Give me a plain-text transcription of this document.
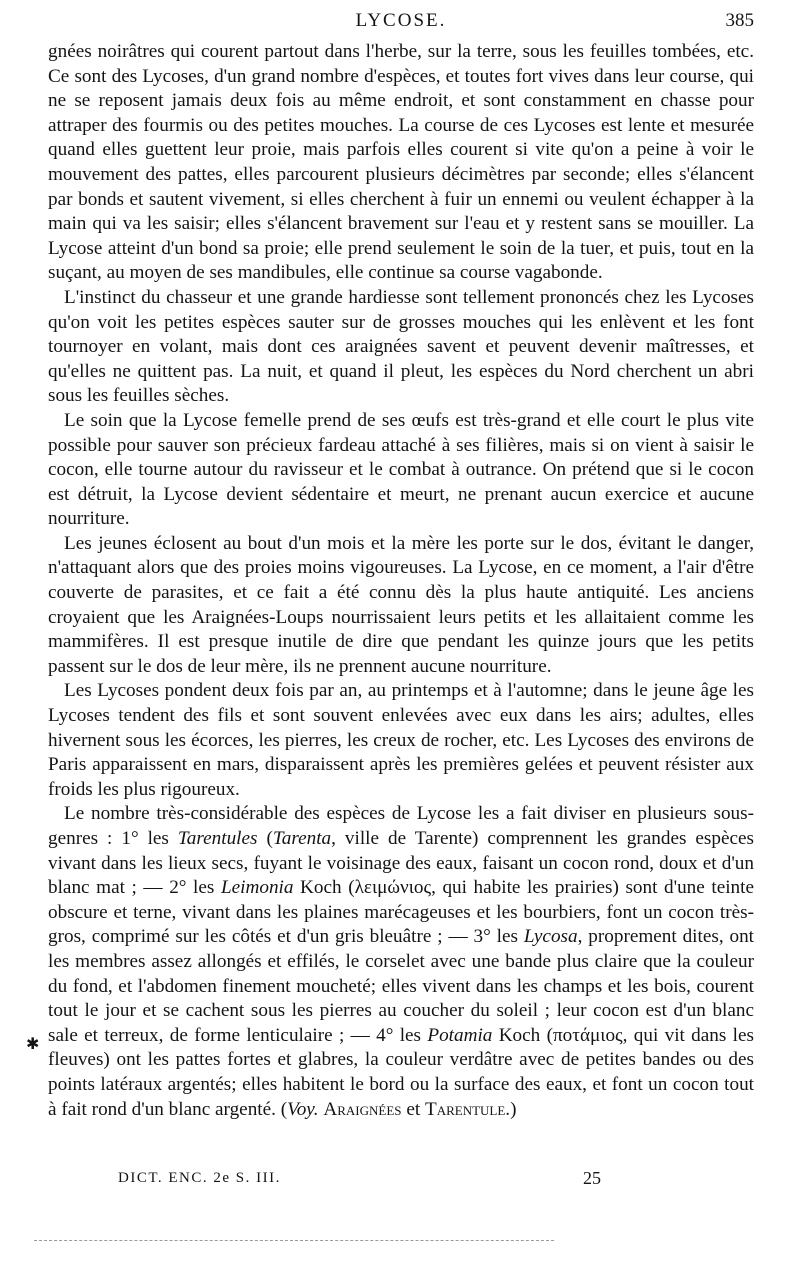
LYCOSE.	385

gnées noirâtres qui courent partout dans l'herbe, sur la terre, sous les feuilles tombées, etc. Ce sont des Lycoses, d'un grand nombre d'espèces, et toutes fort vives dans leur course, qui ne se reposent jamais deux fois au même endroit, et sont constamment en chasse pour attraper des fourmis ou des petites mouches. La course de ces Lycoses est lente et mesurée quand elles guettent leur proie, mais parfois elles courent si vite qu'on a peine à voir le mouvement des pattes, elles parcourent plusieurs décimètres par seconde; elles s'élancent par bonds et sautent vivement, si elles cherchent à fuir un ennemi ou veulent échapper à la main qui va les saisir; elles s'élancent bravement sur l'eau et y restent sans se mouiller. La Lycose atteint d'un bond sa proie; elle prend seulement le soin de la tuer, et puis, tout en la suçant, au moyen de ses mandibules, elle continue sa course vagabonde.

L'instinct du chasseur et une grande hardiesse sont tellement prononcés chez les Lycoses qu'on voit les petites espèces sauter sur de grosses mouches qui les enlèvent et les font tournoyer en volant, mais dont ces araignées savent et peuvent devenir maîtresses, et qu'elles ne quittent pas. La nuit, et quand il pleut, les espèces du Nord cherchent un abri sous les feuilles sèches.

Le soin que la Lycose femelle prend de ses œufs est très-grand et elle court le plus vite possible pour sauver son précieux fardeau attaché à ses filières, mais si on vient à saisir le cocon, elle tourne autour du ravisseur et le combat à outrance. On prétend que si le cocon est détruit, la Lycose devient sédentaire et meurt, ne prenant aucun exercice et aucune nourriture.

Les jeunes éclosent au bout d'un mois et la mère les porte sur le dos, évitant le danger, n'attaquant alors que des proies moins vigoureuses. La Lycose, en ce moment, a l'air d'être couverte de parasites, et ce fait a été connu dès la plus haute antiquité. Les anciens croyaient que les Araignées-Loups nourrissaient leurs petits et les allaitaient comme les mammifères. Il est presque inutile de dire que pendant les quinze jours que les petits passent sur le dos de leur mère, ils ne prennent aucune nourriture.

Les Lycoses pondent deux fois par an, au printemps et à l'automne; dans le jeune âge les Lycoses tendent des fils et sont souvent enlevées avec eux dans les airs; adultes, elles hivernent sous les écorces, les pierres, les creux de rocher, etc. Les Lycoses des environs de Paris apparaissent en mars, disparaissent après les premières gelées et peuvent résister aux froids les plus rigoureux.

Le nombre très-considérable des espèces de Lycose les a fait diviser en plusieurs sous-genres : 1° les Tarentules (Tarenta, ville de Tarente) comprennent les grandes espèces vivant dans les lieux secs, fuyant le voisinage des eaux, faisant un cocon rond, doux et d'un blanc mat ; — 2° les Leimonia Koch (λειμώνιος, qui habite les prairies) sont d'une teinte obscure et terne, vivant dans les plaines marécageuses et les bourbiers, font un cocon très-gros, comprimé sur les côtés et d'un gris bleuâtre ; — 3° les Lycosa, proprement dites, ont les membres assez allongés et effilés, le corselet avec une bande plus claire que la couleur du fond, et l'abdomen finement moucheté; elles vivent dans les champs et les bois, courent tout le jour et se cachent sous les pierres au coucher du soleil ; leur cocon est d'un blanc sale et terreux, de forme lenticulaire ; — 4° les Potamia Koch (ποτάμιος, qui vit dans les fleuves) ont les pattes fortes et glabres, la couleur verdâtre avec de petites bandes ou des points latéraux argentés; elles habitent le bord ou la surface des eaux, et font un cocon tout à fait rond d'un blanc argenté. (Voy. Araignées et Tarentule.)

✱
DICT. ENC. 2e S. III.	25
